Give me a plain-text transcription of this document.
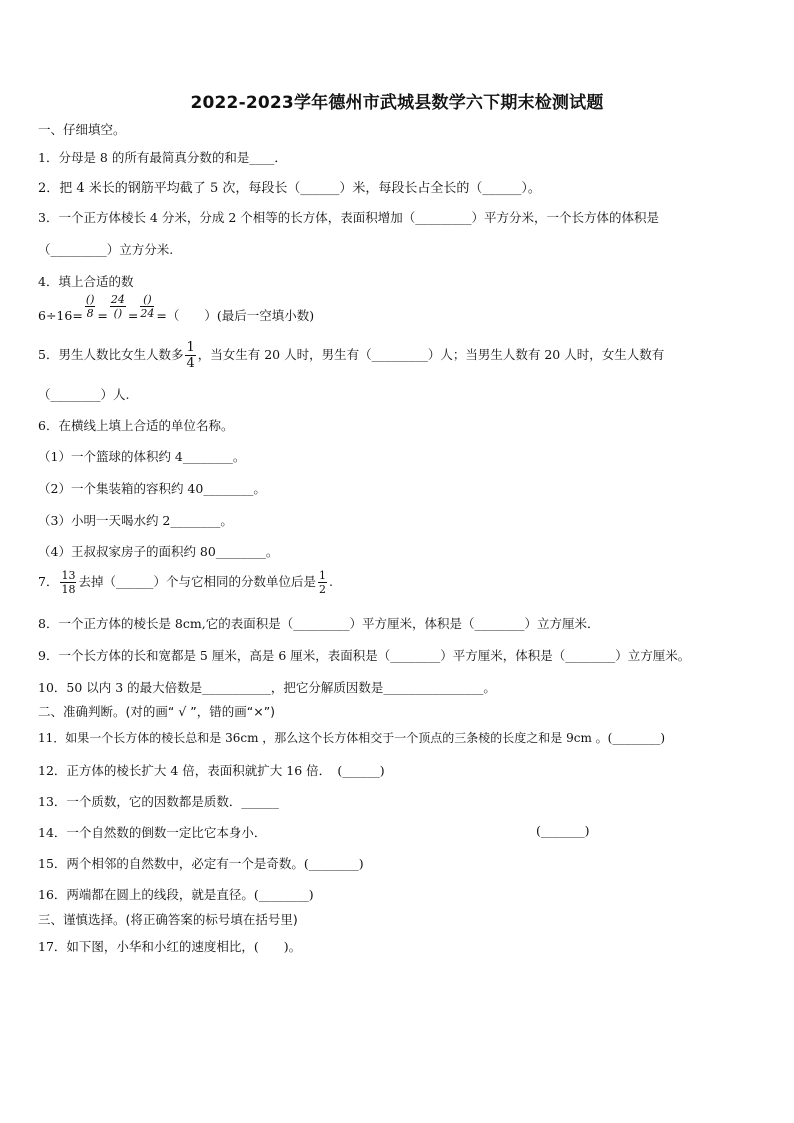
2022-2023学年德州市武城县数学六下期末检测试题
一、仔细填空。
1．分母是 8 的所有最简真分数的和是____．
2．把 4 米长的钢筋平均截了 5 次，每段长（______）米，每段长占全长的（______）。
3．一个正方体棱长 4 分米，分成 2 个相等的长方体，表面积增加（_________）平方分米，一个长方体的体积是
（_________）立方分米.
4．填上合适的数
$6\div 16= \frac{()}{8} = \frac{24}{()} = \frac{()}{24}$ =（　　）(最后一空填小数)
5．男生人数比女生人数多 $\frac{1}{4}$ ，当女生有 20 人时，男生有（_________）人；当男生人数有 20 人时，女生人数有
（________）人.
6．在横线上填上合适的单位名称。
（1）一个篮球的体积约 4________。
（2）一个集装箱的容积约 40________。
（3）小明一天喝水约 2________。
（4）王叔叔家房子的面积约 80________。
7． $\frac{13}{18}$ 去掉（______）个与它相同的分数单位后是 $\frac{1}{2}$ .
8．一个正方体的棱长是 8cm,它的表面积是（_________）平方厘米，体积是（________）立方厘米．
9．一个长方体的长和宽都是 5 厘米，高是 6 厘米，表面积是（________）平方厘米，体积是（________）立方厘米。
10．50 以内 3 的最大倍数是___________，把它分解质因数是________________。
二、准确判断。(对的画“ √ ”，错的画“×”)
11．如果一个长方体的棱长总和是 36cm ，那么这个长方体相交于一个顶点的三条棱的长度之和是 9cm 。(________)
12．正方体的棱长扩大 4 倍，表面积就扩大 16 倍．　(______)
13．一个质数，它的因数都是质数．______
14．一个自然数的倒数一定比它本身小．	(_______)
15．两个相邻的自然数中，必定有一个是奇数。(________)
16．两端都在圆上的线段，就是直径。(________)
三、谨慎选择。(将正确答案的标号填在括号里)
17．如下图，小华和小红的速度相比，(　　)。
